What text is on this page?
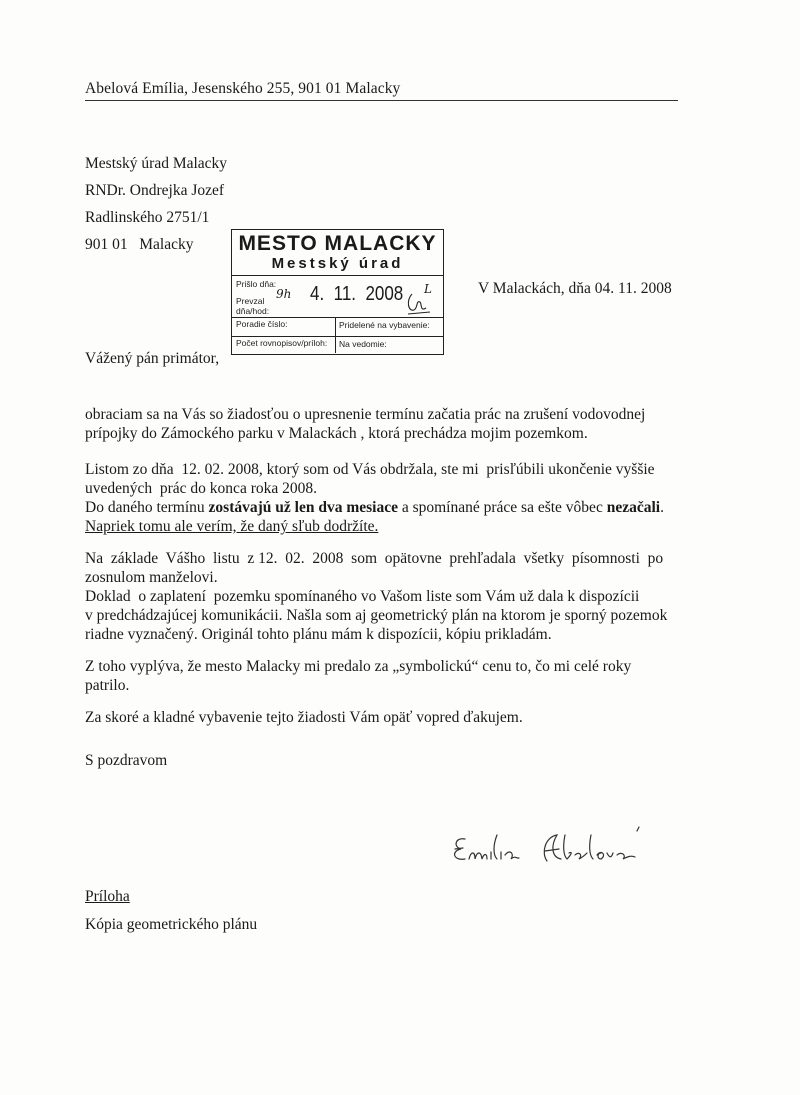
Abelová Emília, Jesenského 255, 901 01 Malacky
Mestský úrad Malacky
RNDr. Ondrejka Jozef
Radlinského 2751/1
901 01   Malacky	MESTO MALACKY
Mestský úrad
Prišlo dňa:
Prevzal
dňa/hod:
9h 4.  11.  2008 L
Poradie číslo:	Pridelené na vybavenie:
Počet rovnopisov/príloh: Na vedomie:
V Malackách, dňa 04. 11. 2008
Vážený pán primátor,
obraciam sa na Vás so žiadosťou o upresnenie termínu začatia prác na zrušení vodovodnej
prípojky do Zámockého parku v Malackách , ktorá prechádza mojim pozemkom.
Listom zo dňa  12. 02. 2008, ktorý som od Vás obdržala, ste mi  prisľúbili ukončenie vyššie
uvedených  prác do konca roka 2008.
Do daného termínu zostávajú už len dva mesiace a spomínané práce sa ešte vôbec nezačali.
Napriek tomu ale verím, že daný sľub dodržíte.
Na  základe  Vášho  listu  z 12.  02.  2008  som  opätovne  prehľadala  všetky  písomnosti  po
zosnulom manželovi.
Doklad  o zaplatení  pozemku spomínaného vo Vašom liste som Vám už dala k dispozícii
v predchádzajúcej komunikácii. Našla som aj geometrický plán na ktorom je sporný pozemok
riadne vyznačený. Originál tohto plánu mám k dispozícii, kópiu prikladám.
Z toho vyplýva, že mesto Malacky mi predalo za „symbolickú“ cenu to, čo mi celé roky
patrilo.
Za skoré a kladné vybavenie tejto žiadosti Vám opäť vopred ďakujem.
S pozdravom
Príloha
Kópia geometrického plánu
